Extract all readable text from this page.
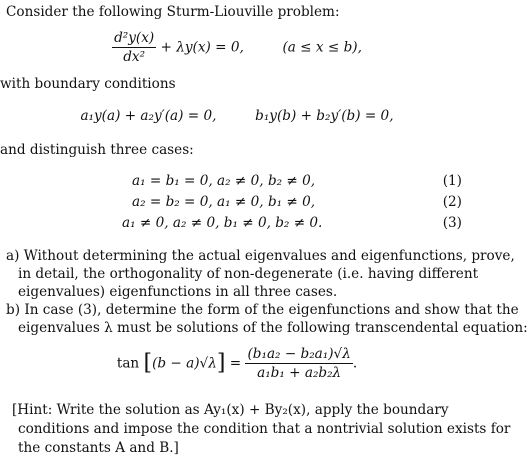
Consider the following Sturm-Liouville problem:
$\frac{\text{d²y(x)}}{\text{dx²}} + \lambda y(x) = 0$,	(a ≤ x ≤ b),
with boundary conditions
a₁y(a) + a₂y′(a) = 0,	b₁y(b) + b₂y′(b) = 0,
and distinguish three cases:
a₁ = b₁ = 0, a₂ ≠ 0, b₂ ≠ 0,	(1)
a₂ = b₂ = 0, a₁ ≠ 0, b₁ ≠ 0,	(2)
a₁ ≠ 0, a₂ ≠ 0, b₁ ≠ 0, b₂ ≠ 0.	(3)
a) Without determining the actual eigenvalues and eigenfunctions, prove,
in detail, the orthogonality of non-degenerate (i.e. having different
eigenvalues) eigenfunctions in all three cases.
b) In case (3), determine the form of the eigenfunctions and show that the
eigenvalues λ must be solutions of the following transcendental equation:
$\tan [(b - a)√\lambda] = \frac{\text{(b₁a₂ − b₂a₁)√λ}}{\text{a₁b₁ + a₂b₂λ}}$ .
[Hint: Write the solution as Ay₁(x) + By₂(x), apply the boundary
conditions and impose the condition that a nontrivial solution exists for
the constants A and B.]
